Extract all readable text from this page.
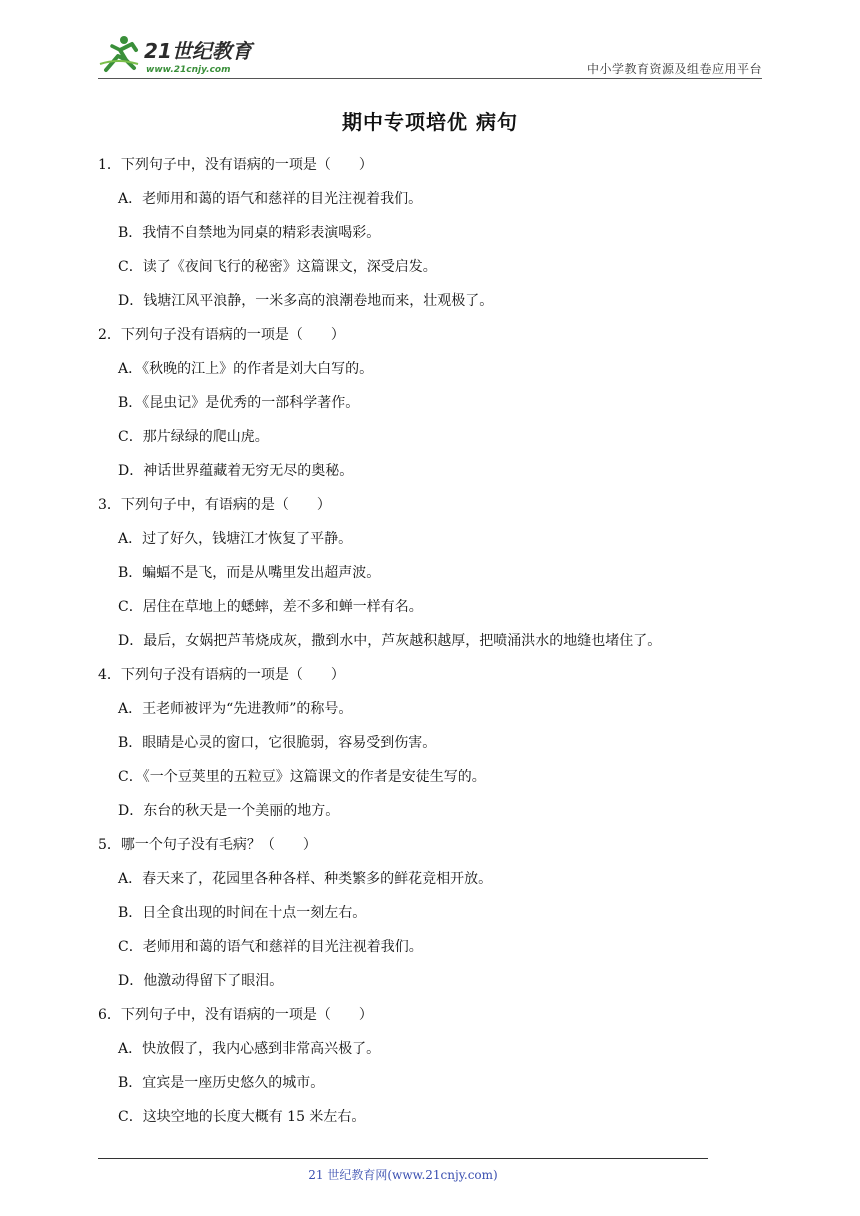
21世纪教育
www.21cnjy.com	中小学教育资源及组卷应用平台
期中专项培优 病句
1．下列句子中，没有语病的一项是（　　）
A．老师用和蔼的语气和慈祥的目光注视着我们。
B．我情不自禁地为同桌的精彩表演喝彩。
C．读了《夜间飞行的秘密》这篇课文，深受启发。
D．钱塘江风平浪静，一米多高的浪潮卷地而来，壮观极了。
2．下列句子没有语病的一项是（　　）
A．《秋晚的江上》的作者是刘大白写的。
B．《昆虫记》是优秀的一部科学著作。
C．那片绿绿的爬山虎。
D．神话世界蕴藏着无穷无尽的奥秘。
3．下列句子中，有语病的是（　　）
A．过了好久，钱塘江才恢复了平静。
B．蝙蝠不是飞，而是从嘴里发出超声波。
C．居住在草地上的蟋蟀，差不多和蝉一样有名。
D．最后，女娲把芦苇烧成灰，撒到水中，芦灰越积越厚，把喷涌洪水的地缝也堵住了。
4．下列句子没有语病的一项是（　　）
A．王老师被评为“先进教师”的称号。
B．眼睛是心灵的窗口，它很脆弱，容易受到伤害。
C．《一个豆荚里的五粒豆》这篇课文的作者是安徒生写的。
D．东台的秋天是一个美丽的地方。
5．哪一个句子没有毛病？（　　）
A．春天来了，花园里各种各样、种类繁多的鲜花竞相开放。
B．日全食出现的时间在十点一刻左右。
C．老师用和蔼的语气和慈祥的目光注视着我们。
D．他激动得留下了眼泪。
6．下列句子中，没有语病的一项是（　　）
A．快放假了，我内心感到非常高兴极了。
B．宜宾是一座历史悠久的城市。
C．这块空地的长度大概有 15 米左右。
21 世纪教育网(www.21cnjy.com)
